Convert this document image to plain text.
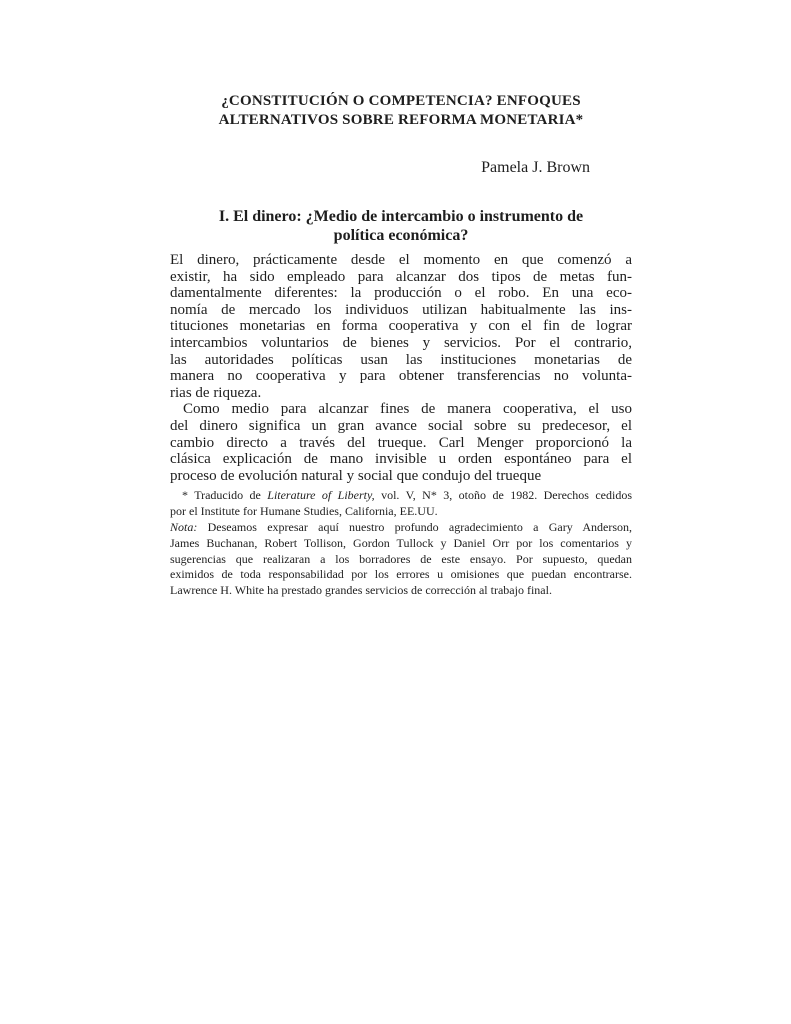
¿CONSTITUCIÓN O COMPETENCIA? ENFOQUES
ALTERNATIVOS SOBRE REFORMA MONETARIA*
Pamela J. Brown
I. El dinero: ¿Medio de intercambio o instrumento de
política económica?
El dinero, prácticamente desde el momento en que comenzó a
existir, ha sido empleado para alcanzar dos tipos de metas fun-
damentalmente diferentes: la producción o el robo. En una eco-
nomía de mercado los individuos utilizan habitualmente las ins-
tituciones monetarias en forma cooperativa y con el fin de lograr
intercambios voluntarios de bienes y servicios. Por el contrario,
las autoridades políticas usan las instituciones monetarias de
manera no cooperativa y para obtener transferencias no volunta-
rias de riqueza.
Como medio para alcanzar fines de manera cooperativa, el uso
del dinero significa un gran avance social sobre su predecesor, el
cambio directo a través del trueque. Carl Menger proporcionó la
clásica explicación de mano invisible u orden espontáneo para el
proceso de evolución natural y social que condujo del trueque
* Traducido de Literature of Liberty, vol. V, N* 3, otoño de 1982. Derechos cedidos
por el Institute for Humane Studies, California, EE.UU.
Nota: Deseamos expresar aquí nuestro profundo agradecimiento a Gary Anderson,
James Buchanan, Robert Tollison, Gordon Tullock y Daniel Orr por los comentarios y
sugerencias que realizaran a los borradores de este ensayo. Por supuesto, quedan
eximidos de toda responsabilidad por los errores u omisiones que puedan encontrarse.
Lawrence H. White ha prestado grandes servicios de corrección al trabajo final.
